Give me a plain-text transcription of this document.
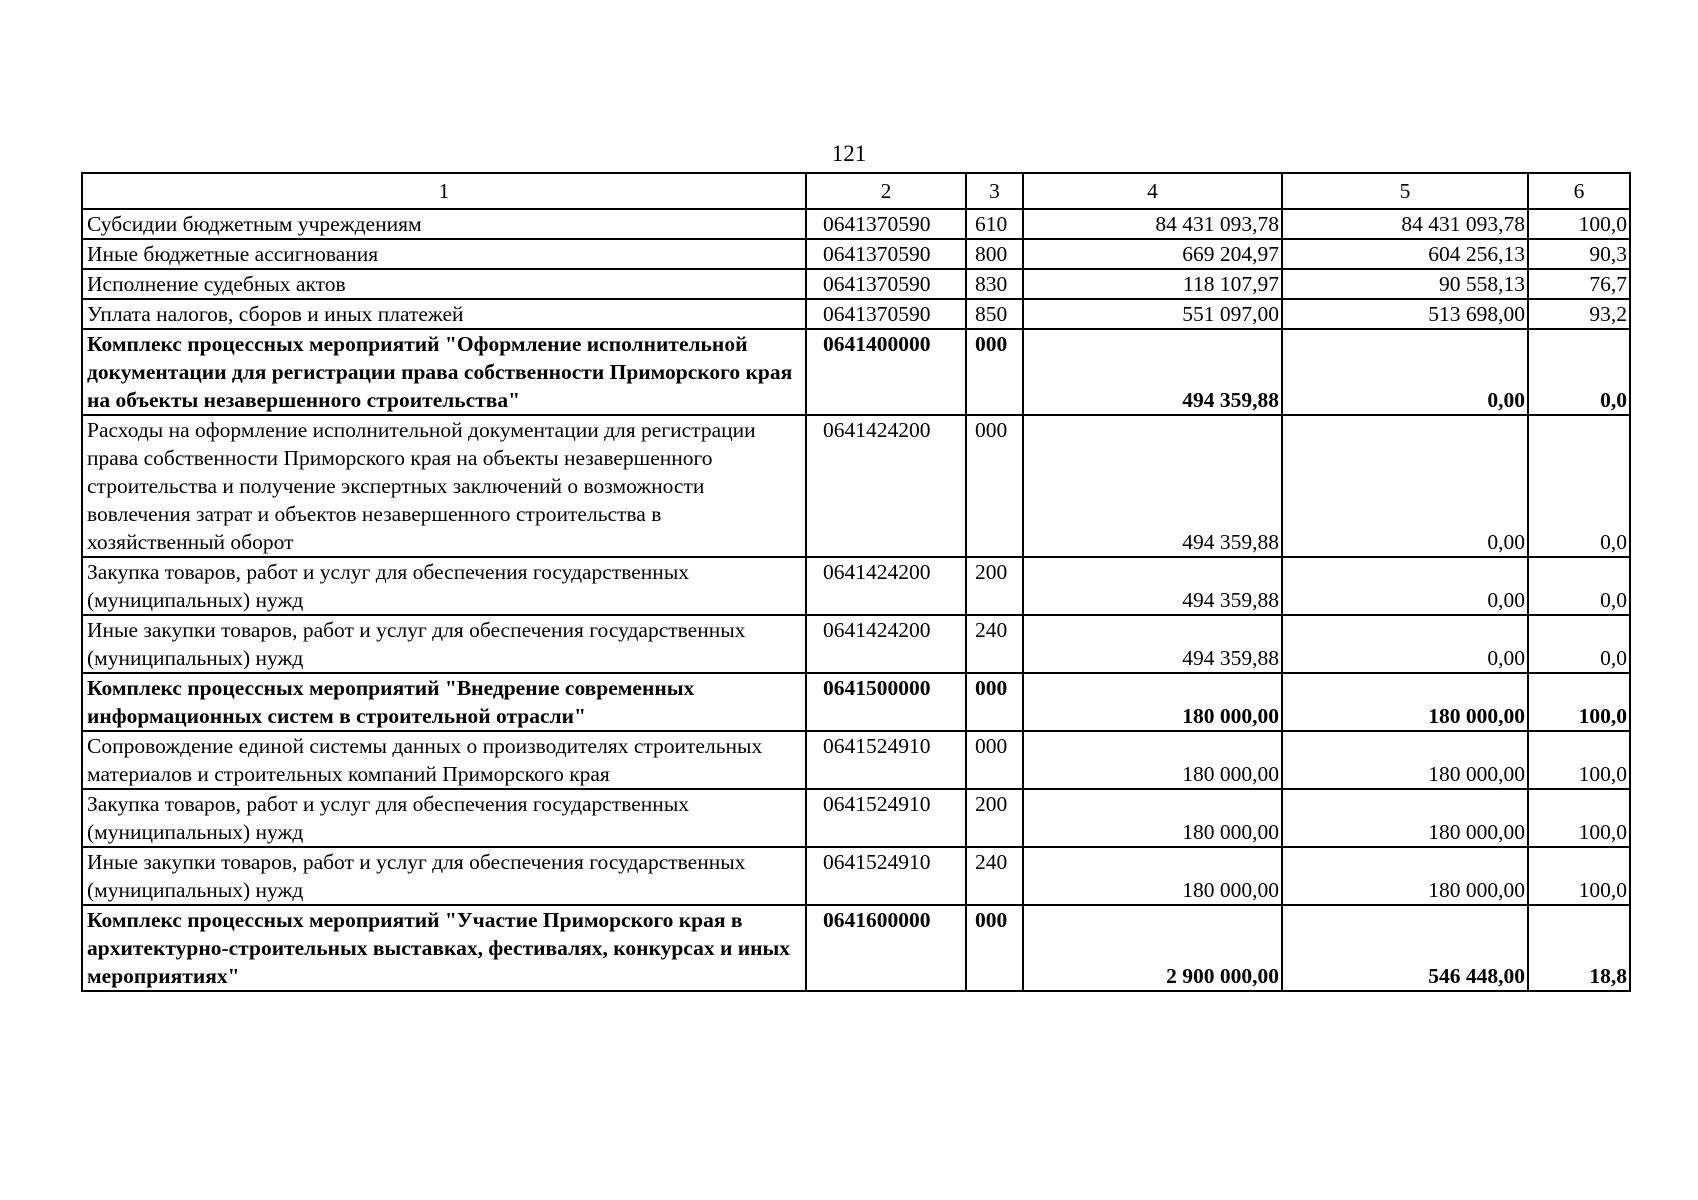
121
1	2	3	4	5	6
Субсидии бюджетным учреждениям	0641370590	610	84 431 093,78	84 431 093,78	100,0
Иные бюджетные ассигнования	0641370590	800	669 204,97	604 256,13	90,3
Исполнение судебных актов	0641370590	830	118 107,97	90 558,13	76,7
Уплата налогов, сборов и иных платежей	0641370590	850	551 097,00	513 698,00	93,2
Комплекс процессных мероприятий "Оформление исполнительной документации для регистрации права собственности Приморского края на объекты незавершенного строительства"	0641400000	000	494 359,88	0,00	0,0
Расходы на оформление исполнительной документации для регистрации права собственности Приморского края на объекты незавершенного строительства и получение экспертных заключений о возможности вовлечения затрат и объектов незавершенного строительства в хозяйственный оборот	0641424200	000	494 359,88	0,00	0,0
Закупка товаров, работ и услуг для обеспечения государственных (муниципальных) нужд	0641424200	200	494 359,88	0,00	0,0
Иные закупки товаров, работ и услуг для обеспечения государственных (муниципальных) нужд	0641424200	240	494 359,88	0,00	0,0
Комплекс процессных мероприятий "Внедрение современных информационных систем в строительной отрасли"	0641500000	000	180 000,00	180 000,00	100,0
Сопровождение единой системы данных о производителях строительных материалов и строительных компаний Приморского края	0641524910	000	180 000,00	180 000,00	100,0
Закупка товаров, работ и услуг для обеспечения государственных (муниципальных) нужд	0641524910	200	180 000,00	180 000,00	100,0
Иные закупки товаров, работ и услуг для обеспечения государственных (муниципальных) нужд	0641524910	240	180 000,00	180 000,00	100,0
Комплекс процессных мероприятий "Участие Приморского края в архитектурно-строительных выставках, фестивалях, конкурсах и иных мероприятиях"	0641600000	000	2 900 000,00	546 448,00	18,8
